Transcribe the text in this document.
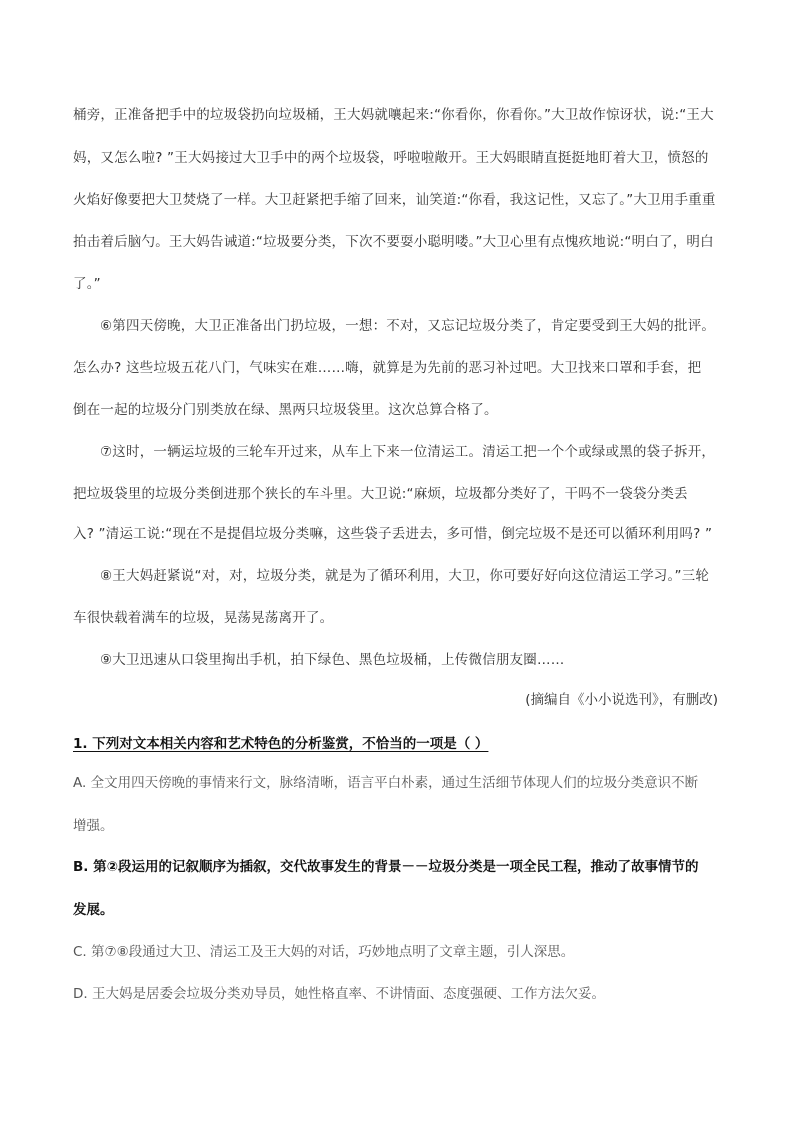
桶旁，正准备把手中的垃圾袋扔向垃圾桶，王大妈就嚷起来:“你看你，你看你。”大卫故作惊讶状，说:“王大
妈，又怎么啦? ”王大妈接过大卫手中的两个垃圾袋，呼啦啦敞开。王大妈眼睛直挺挺地盯着大卫，愤怒的
火焰好像要把大卫焚烧了一样。大卫赶紧把手缩了回来，讪笑道:“你看，我这记性，又忘了。”大卫用手重重
拍击着后脑勺。王大妈告诫道:“垃圾要分类，下次不要耍小聪明喽。”大卫心里有点愧疚地说:“明白了，明白
了。”
⑥第四天傍晚，大卫正准备出门扔垃圾，一想：不对，又忘记垃圾分类了，肯定要受到王大妈的批评。
怎么办? 这些垃圾五花八门，气味实在难……嗨，就算是为先前的恶习补过吧。大卫找来口罩和手套，把
倒在一起的垃圾分门别类放在绿、黑两只垃圾袋里。这次总算合格了。
⑦这时，一辆运垃圾的三轮车开过来，从车上下来一位清运工。清运工把一个个或绿或黑的袋子拆开，
把垃圾袋里的垃圾分类倒进那个狭长的车斗里。大卫说:“麻烦，垃圾都分类好了，干吗不一袋袋分类丢
入? ”清运工说:“现在不是提倡垃圾分类嘛，这些袋子丢进去，多可惜，倒完垃圾不是还可以循环利用吗? ”
⑧王大妈赶紧说“对，对，垃圾分类，就是为了循环利用，大卫，你可要好好向这位清运工学习。”三轮
车很快载着满车的垃圾，晃荡晃荡离开了。
⑨大卫迅速从口袋里掏出手机，拍下绿色、黑色垃圾桶，上传微信朋友圈……
(摘编自《小小说选刊》，有删改)
1. 下列对文本相关内容和艺术特色的分析鉴赏，不恰当的一项是（ ）
A. 全文用四天傍晚的事情来行文，脉络清晰，语言平白朴素，通过生活细节体现人们的垃圾分类意识不断
增强。
B. 第②段运用的记叙顺序为插叙，交代故事发生的背景－－垃圾分类是一项全民工程，推动了故事情节的
发展。
C. 第⑦⑧段通过大卫、清运工及王大妈的对话，巧妙地点明了文章主题，引人深思。
D. 王大妈是居委会垃圾分类劝导员，她性格直率、不讲情面、态度强硬、工作方法欠妥。
